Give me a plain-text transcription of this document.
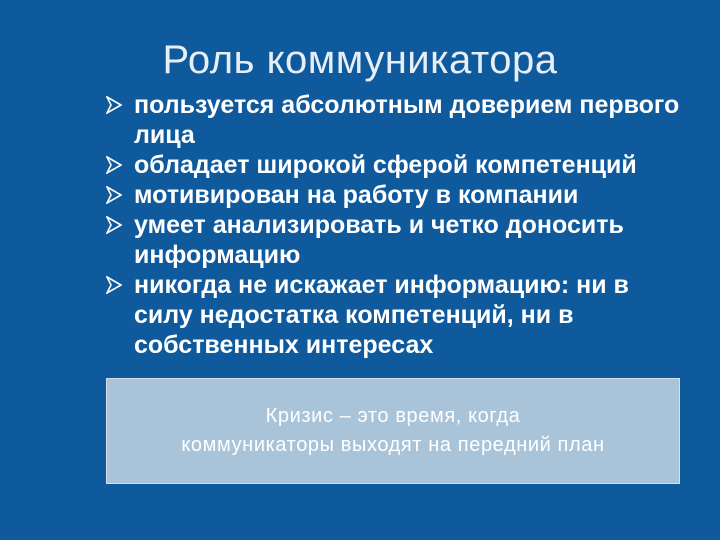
Роль коммуникатора
пользуется абсолютным доверием первого лица
обладает широкой сферой компетенций
мотивирован на работу в компании
умеет анализировать и четко доносить информацию
никогда не искажает информацию: ни в силу недостатка компетенций, ни в собственных интересах
Кризис – это время, когда
коммуникаторы выходят на передний план
